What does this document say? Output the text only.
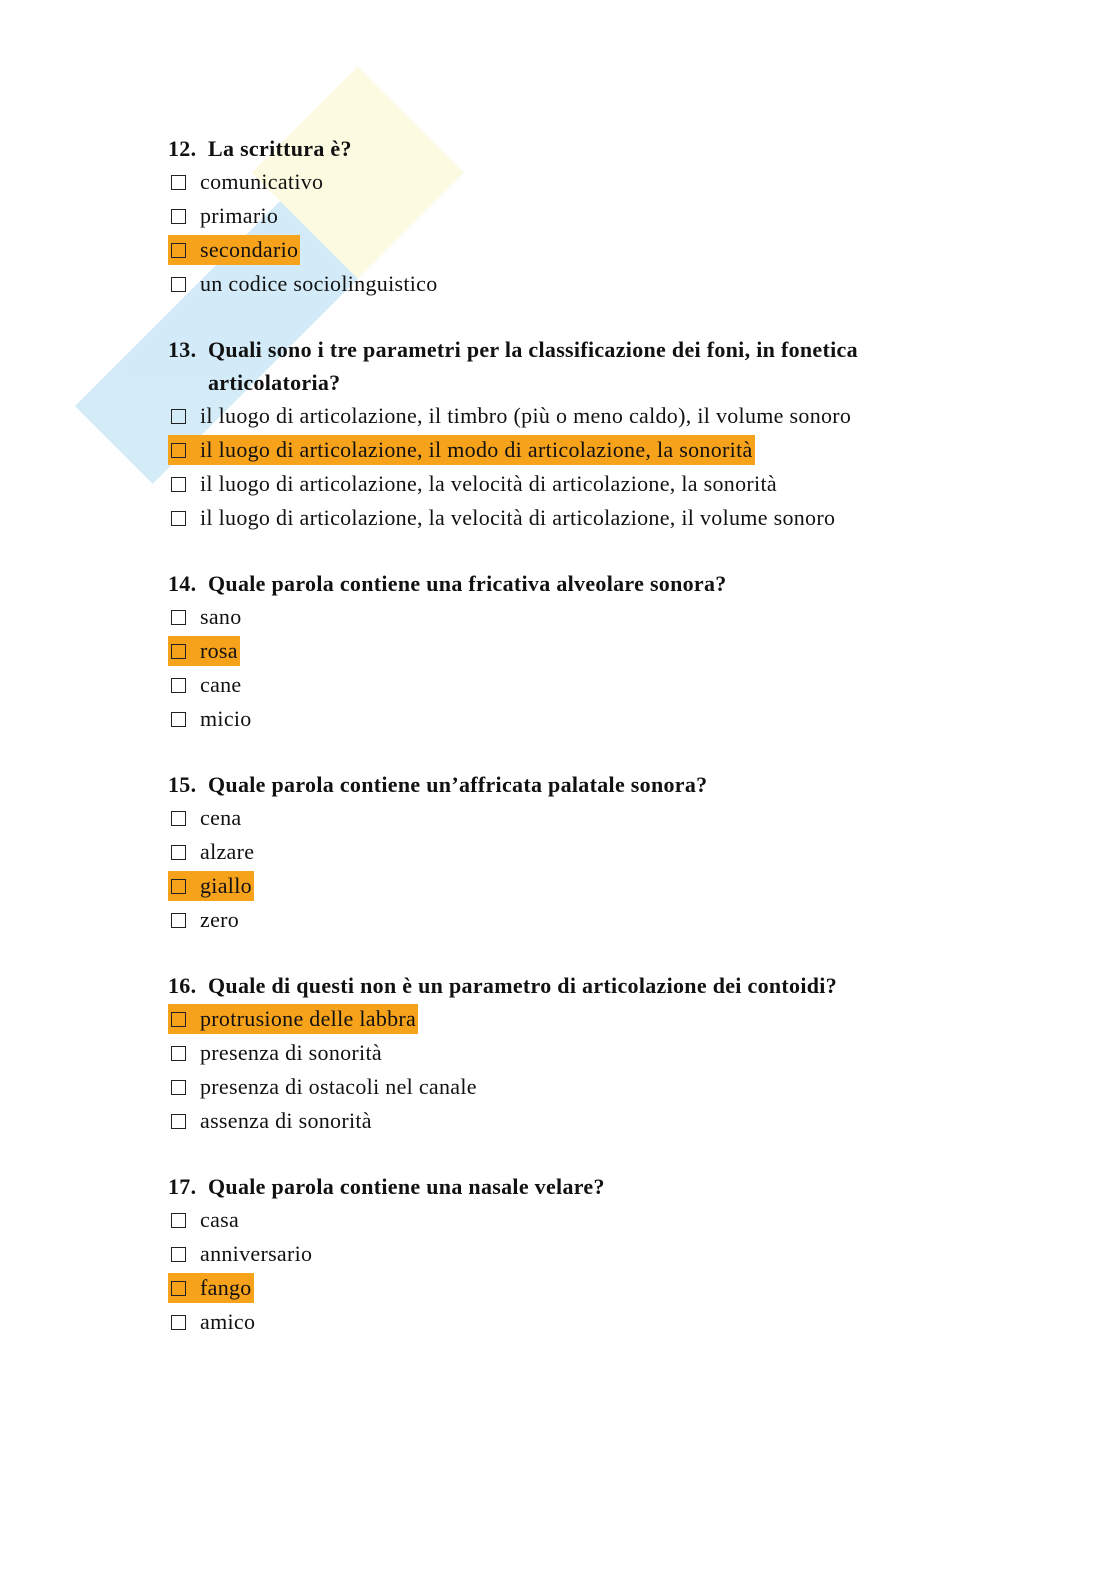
12. La scrittura è?
comunicativo
primario
secondario
un codice sociolinguistico
13. Quali sono i tre parametri per la classificazione dei foni, in fonetica articolatoria?
il luogo di articolazione, il timbro (più o meno caldo), il volume sonoro
il luogo di articolazione, il modo di articolazione, la sonorità
il luogo di articolazione, la velocità di articolazione, la sonorità
il luogo di articolazione, la velocità di articolazione, il volume sonoro
14. Quale parola contiene una fricativa alveolare sonora?
sano
rosa
cane
micio
15. Quale parola contiene un’affricata palatale sonora?
cena
alzare
giallo
zero
16. Quale di questi non è un parametro di articolazione dei contoidi?
protrusione delle labbra
presenza di sonorità
presenza di ostacoli nel canale
assenza di sonorità
17. Quale parola contiene una nasale velare?
casa
anniversario
fango
amico
